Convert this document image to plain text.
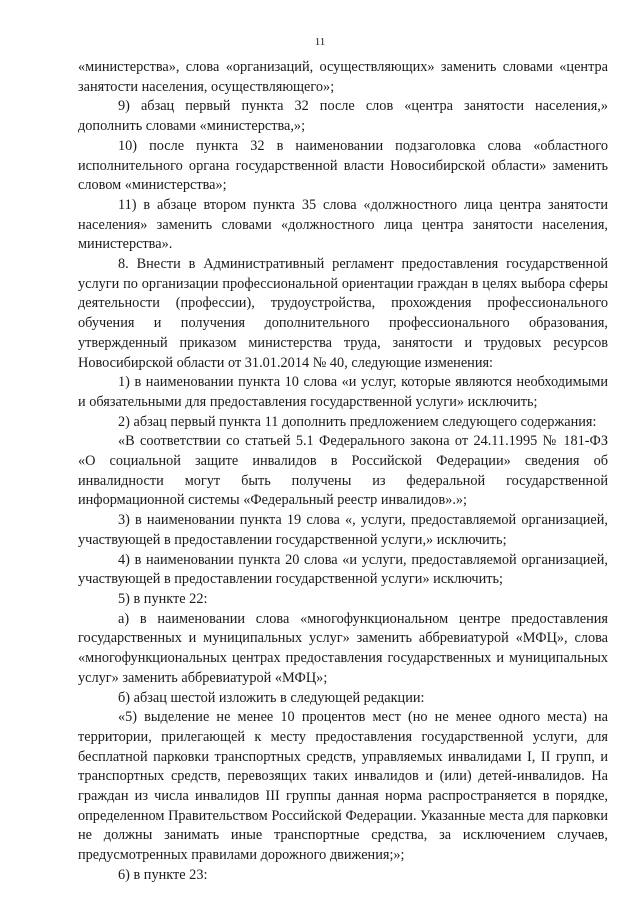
11

«министерства», слова «организаций, осуществляющих» заменить словами «центра занятости населения, осуществляющего»;

9) абзац первый пункта 32 после слов «центра занятости населения,» дополнить словами «министерства,»;

10) после пункта 32 в наименовании подзаголовка слова «областного исполнительного органа государственной власти Новосибирской области» заменить словом «министерства»;

11) в абзаце втором пункта 35 слова «должностного лица центра занятости населения» заменить словами «должностного лица центра занятости населения, министерства».

8. Внести в Административный регламент предоставления государственной услуги по организации профессиональной ориентации граждан в целях выбора сферы деятельности (профессии), трудоустройства, прохождения профессионального обучения и получения дополнительного профессионального образования, утвержденный приказом министерства труда, занятости и трудовых ресурсов Новосибирской области от 31.01.2014 № 40, следующие изменения:

1) в наименовании пункта 10 слова «и услуг, которые являются необходимыми и обязательными для предоставления государственной услуги» исключить;

2) абзац первый пункта 11 дополнить предложением следующего содержания:

«В соответствии со статьей 5.1 Федерального закона от 24.11.1995 № 181-ФЗ «О социальной защите инвалидов в Российской Федерации» сведения об инвалидности могут быть получены из федеральной государственной информационной системы «Федеральный реестр инвалидов».»;

3) в наименовании пункта 19 слова «, услуги, предоставляемой организацией, участвующей в предоставлении государственной услуги,» исключить;

4) в наименовании пункта 20 слова «и услуги, предоставляемой организацией, участвующей в предоставлении государственной услуги» исключить;

5) в пункте 22:

а) в наименовании слова «многофункциональном центре предоставления государственных и муниципальных услуг» заменить аббревиатурой «МФЦ», слова «многофункциональных центрах предоставления государственных и муниципальных услуг» заменить аббревиатурой «МФЦ»;

б) абзац шестой изложить в следующей редакции:

«5) выделение не менее 10 процентов мест (но не менее одного места) на территории, прилегающей к месту предоставления государственной услуги, для бесплатной парковки транспортных средств, управляемых инвалидами I, II групп, и транспортных средств, перевозящих таких инвалидов и (или) детей-инвалидов. На граждан из числа инвалидов III группы данная норма распространяется в порядке, определенном Правительством Российской Федерации. Указанные места для парковки не должны занимать иные транспортные средства, за исключением случаев, предусмотренных правилами дорожного движения;»;

6) в пункте 23:
